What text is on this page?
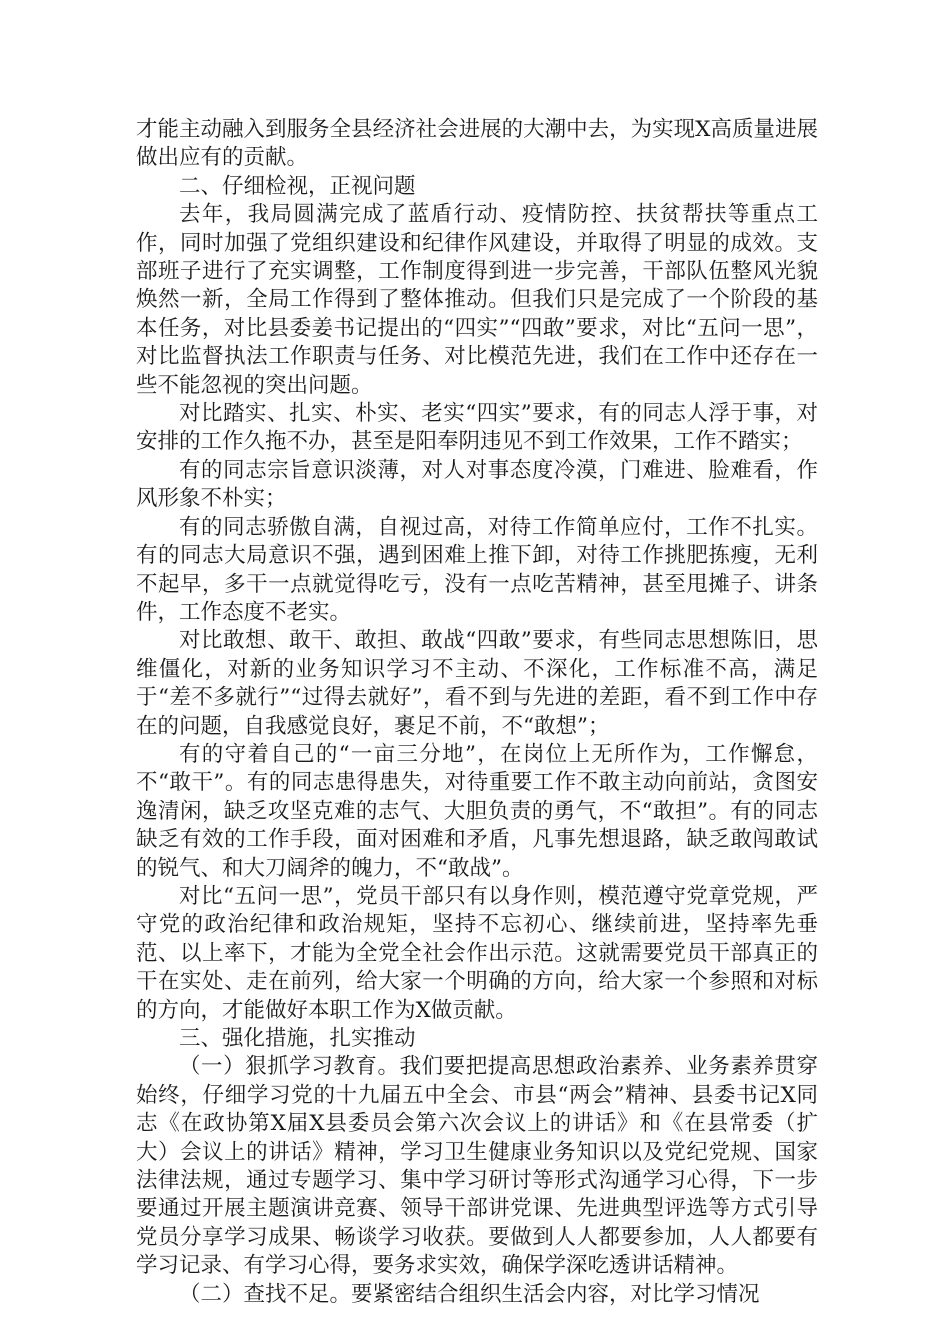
才能主动融入到服务全县经济社会进展的大潮中去，为实现X高质量进展做出应有的贡献。

二、仔细检视，正视问题

去年，我局圆满完成了蓝盾行动、疫情防控、扶贫帮扶等重点工作，同时加强了党组织建设和纪律作风建设，并取得了明显的成效。支部班子进行了充实调整，工作制度得到进一步完善，干部队伍整风光貌焕然一新，全局工作得到了整体推动。但我们只是完成了一个阶段的基本任务，对比县委姜书记提出的“四实”“四敢”要求，对比“五问一思”，对比监督执法工作职责与任务、对比模范先进，我们在工作中还存在一些不能忽视的突出问题。

对比踏实、扎实、朴实、老实“四实”要求，有的同志人浮于事，对安排的工作久拖不办，甚至是阳奉阴违见不到工作效果，工作不踏实；

有的同志宗旨意识淡薄，对人对事态度冷漠，门难进、脸难看，作风形象不朴实；

有的同志骄傲自满，自视过高，对待工作简单应付，工作不扎实。有的同志大局意识不强，遇到困难上推下卸，对待工作挑肥拣瘦，无利不起早，多干一点就觉得吃亏，没有一点吃苦精神，甚至甩摊子、讲条件，工作态度不老实。

对比敢想、敢干、敢担、敢战“四敢”要求，有些同志思想陈旧，思维僵化，对新的业务知识学习不主动、不深化，工作标准不高，满足于“差不多就行”“过得去就好”，看不到与先进的差距，看不到工作中存在的问题，自我感觉良好，裹足不前，不“敢想”；

有的守着自己的“一亩三分地”，在岗位上无所作为，工作懈怠，不“敢干”。有的同志患得患失，对待重要工作不敢主动向前站，贪图安逸清闲，缺乏攻坚克难的志气、大胆负责的勇气，不“敢担”。有的同志缺乏有效的工作手段，面对困难和矛盾，凡事先想退路，缺乏敢闯敢试的锐气、和大刀阔斧的魄力，不“敢战”。

对比“五问一思”，党员干部只有以身作则，模范遵守党章党规，严守党的政治纪律和政治规矩，坚持不忘初心、继续前进，坚持率先垂范、以上率下，才能为全党全社会作出示范。这就需要党员干部真正的干在实处、走在前列，给大家一个明确的方向，给大家一个参照和对标的方向，才能做好本职工作为X做贡献。

三、强化措施，扎实推动

（一）狠抓学习教育。我们要把提高思想政治素养、业务素养贯穿始终，仔细学习党的十九届五中全会、市县“两会”精神、县委书记X同志《在政协第X届X县委员会第六次会议上的讲话》和《在县常委（扩大）会议上的讲话》精神，学习卫生健康业务知识以及党纪党规、国家法律法规，通过专题学习、集中学习研讨等形式沟通学习心得，下一步要通过开展主题演讲竞赛、领导干部讲党课、先进典型评选等方式引导党员分享学习成果、畅谈学习收获。要做到人人都要参加，人人都要有学习记录、有学习心得，要务求实效，确保学深吃透讲话精神。

（二）查找不足。要紧密结合组织生活会内容，对比学习情况
